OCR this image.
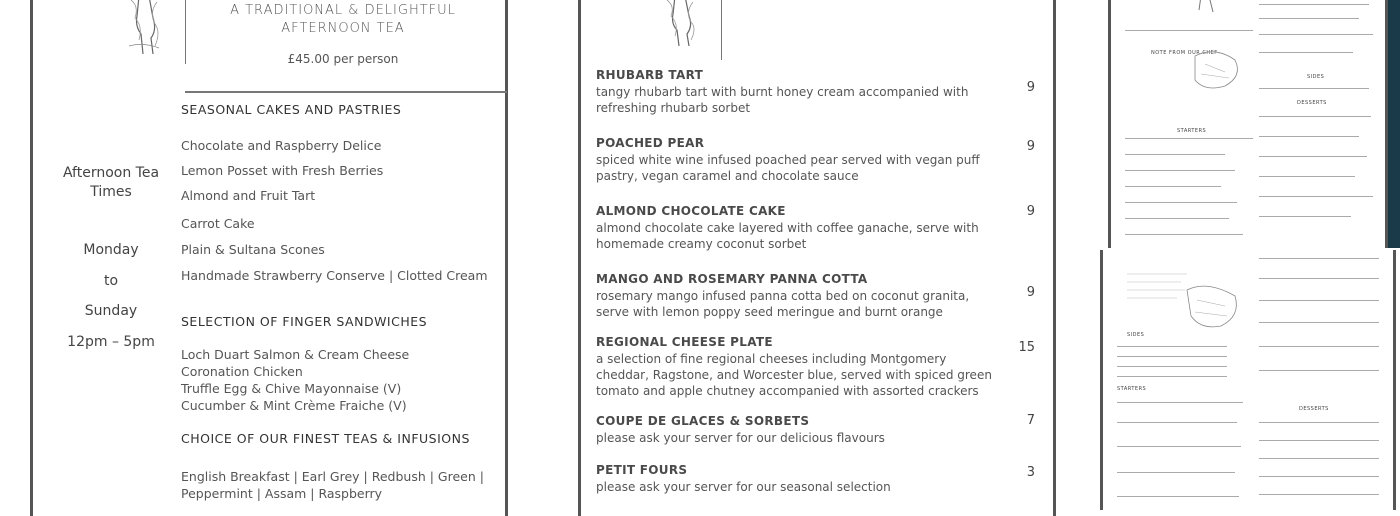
A TRADITIONAL & DELIGHTFUL
AFTERNOON TEA
£45.00 per person
Afternoon Tea Times
Monday
to
Sunday
12pm – 5pm
SEASONAL CAKES AND PASTRIES
Chocolate and Raspberry Delice
Lemon Posset with Fresh Berries
Almond and Fruit Tart
Carrot Cake
Plain & Sultana Scones
Handmade Strawberry Conserve | Clotted Cream
SELECTION OF FINGER SANDWICHES
Loch Duart Salmon & Cream Cheese
Coronation Chicken
Truffle Egg & Chive Mayonnaise (V)
Cucumber & Mint Crème Fraiche (V)
CHOICE OF OUR FINEST TEAS & INFUSIONS
English Breakfast | Earl Grey | Redbush | Green | Peppermint | Assam | Raspberry
RHUBARB TART
tangy rhubarb tart with burnt honey cream accompanied with refreshing rhubarb sorbet
9
POACHED PEAR
spiced white wine infused poached pear served with vegan puff pastry, vegan caramel and chocolate sauce
9
ALMOND CHOCOLATE CAKE
almond chocolate cake layered with coffee ganache, serve with homemade creamy coconut sorbet
9
MANGO AND ROSEMARY PANNA COTTA
rosemary mango infused panna cotta bed on coconut granita, serve with lemon poppy seed meringue and burnt orange
9
REGIONAL CHEESE PLATE
a selection of fine regional cheeses including Montgomery cheddar, Ragstone, and Worcester blue, served with spiced green tomato and apple chutney accompanied with assorted crackers
15
COUPE DE GLACES & SORBETS
please ask your server for our delicious flavours
7
PETIT FOURS
please ask your server for our seasonal selection
3
NOTE FROM OUR CHEF
STARTERS
SIDES
DESSERTS
SIDES
STARTERS
DESSERTS
